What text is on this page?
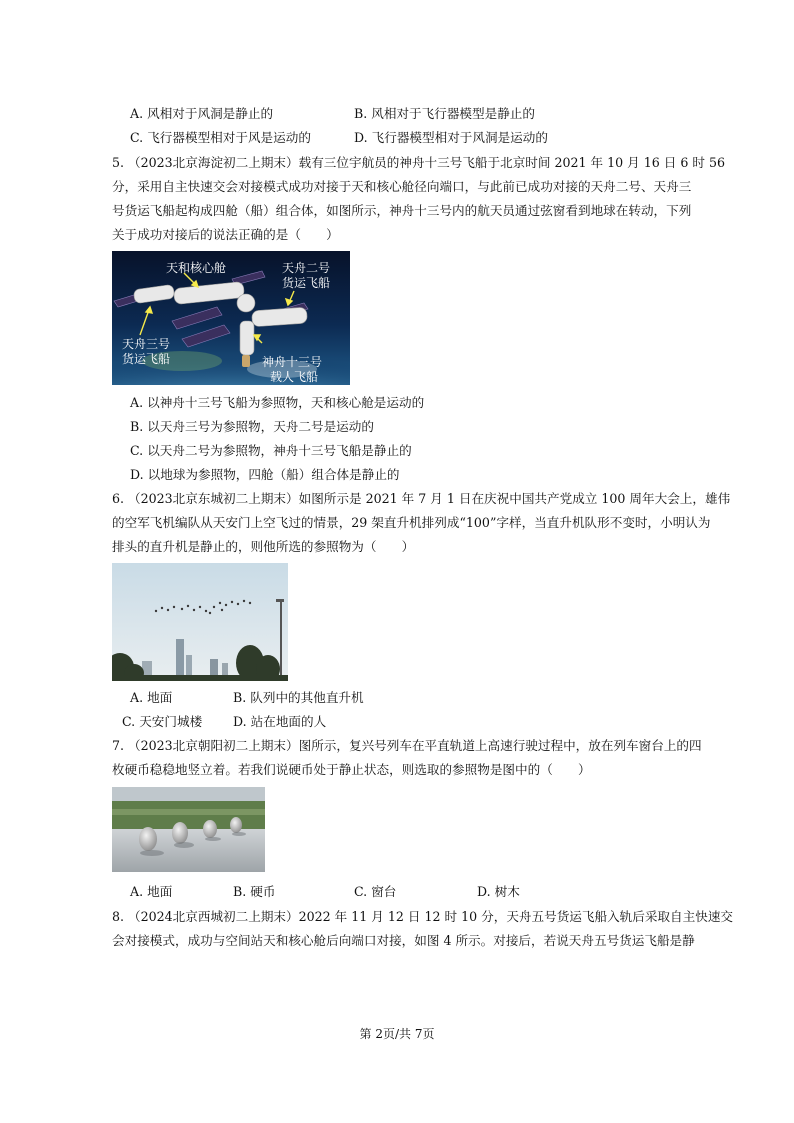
A. 风相对于风洞是静止的	B. 风相对于飞行器模型是静止的
C. 飞行器模型相对于风是运动的	D. 飞行器模型相对于风洞是运动的
5. （2023北京海淀初二上期末）载有三位宇航员的神舟十三号飞船于北京时间 2021 年 10 月 16 日 6 时 56
分，采用自主快速交会对接模式成功对接于天和核心舱径向端口，与此前已成功对接的天舟二号、天舟三
号货运飞船起构成四舱（船）组合体，如图所示，神舟十三号内的航天员通过弦窗看到地球在转动，下列
关于成功对接后的说法正确的是（　　）
天和核心舱	天舟二号
货运飞船
天舟三号
货运飞船	神舟十三号
载人飞船
A. 以神舟十三号飞船为参照物，天和核心舱是运动的
B. 以天舟三号为参照物，天舟二号是运动的
C. 以天舟二号为参照物，神舟十三号飞船是静止的
D. 以地球为参照物，四舱（船）组合体是静止的
6. （2023北京东城初二上期末）如图所示是 2021 年 7 月 1 日在庆祝中国共产党成立 100 周年大会上，雄伟
的空军飞机编队从天安门上空飞过的情景，29 架直升机排列成“100”字样，当直升机队形不变时，小明认为
排头的直升机是静止的，则他所选的参照物为（　　）
A. 地面	B. 队列中的其他直升机
C. 天安门城楼 D. 站在地面的人
7. （2023北京朝阳初二上期末）图所示，复兴号列车在平直轨道上高速行驶过程中，放在列车窗台上的四
枚硬币稳稳地竖立着。若我们说硬币处于静止状态，则选取的参照物是图中的（　　）
A. 地面	B. 硬币	C. 窗台	D. 树木
8. （2024北京西城初二上期末）2022 年 11 月 12 日 12 时 10 分，天舟五号货运飞船入轨后采取自主快速交
会对接模式，成功与空间站天和核心舱后向端口对接，如图 4 所示。对接后，若说天舟五号货运飞船是静
第 2页/共 7页
